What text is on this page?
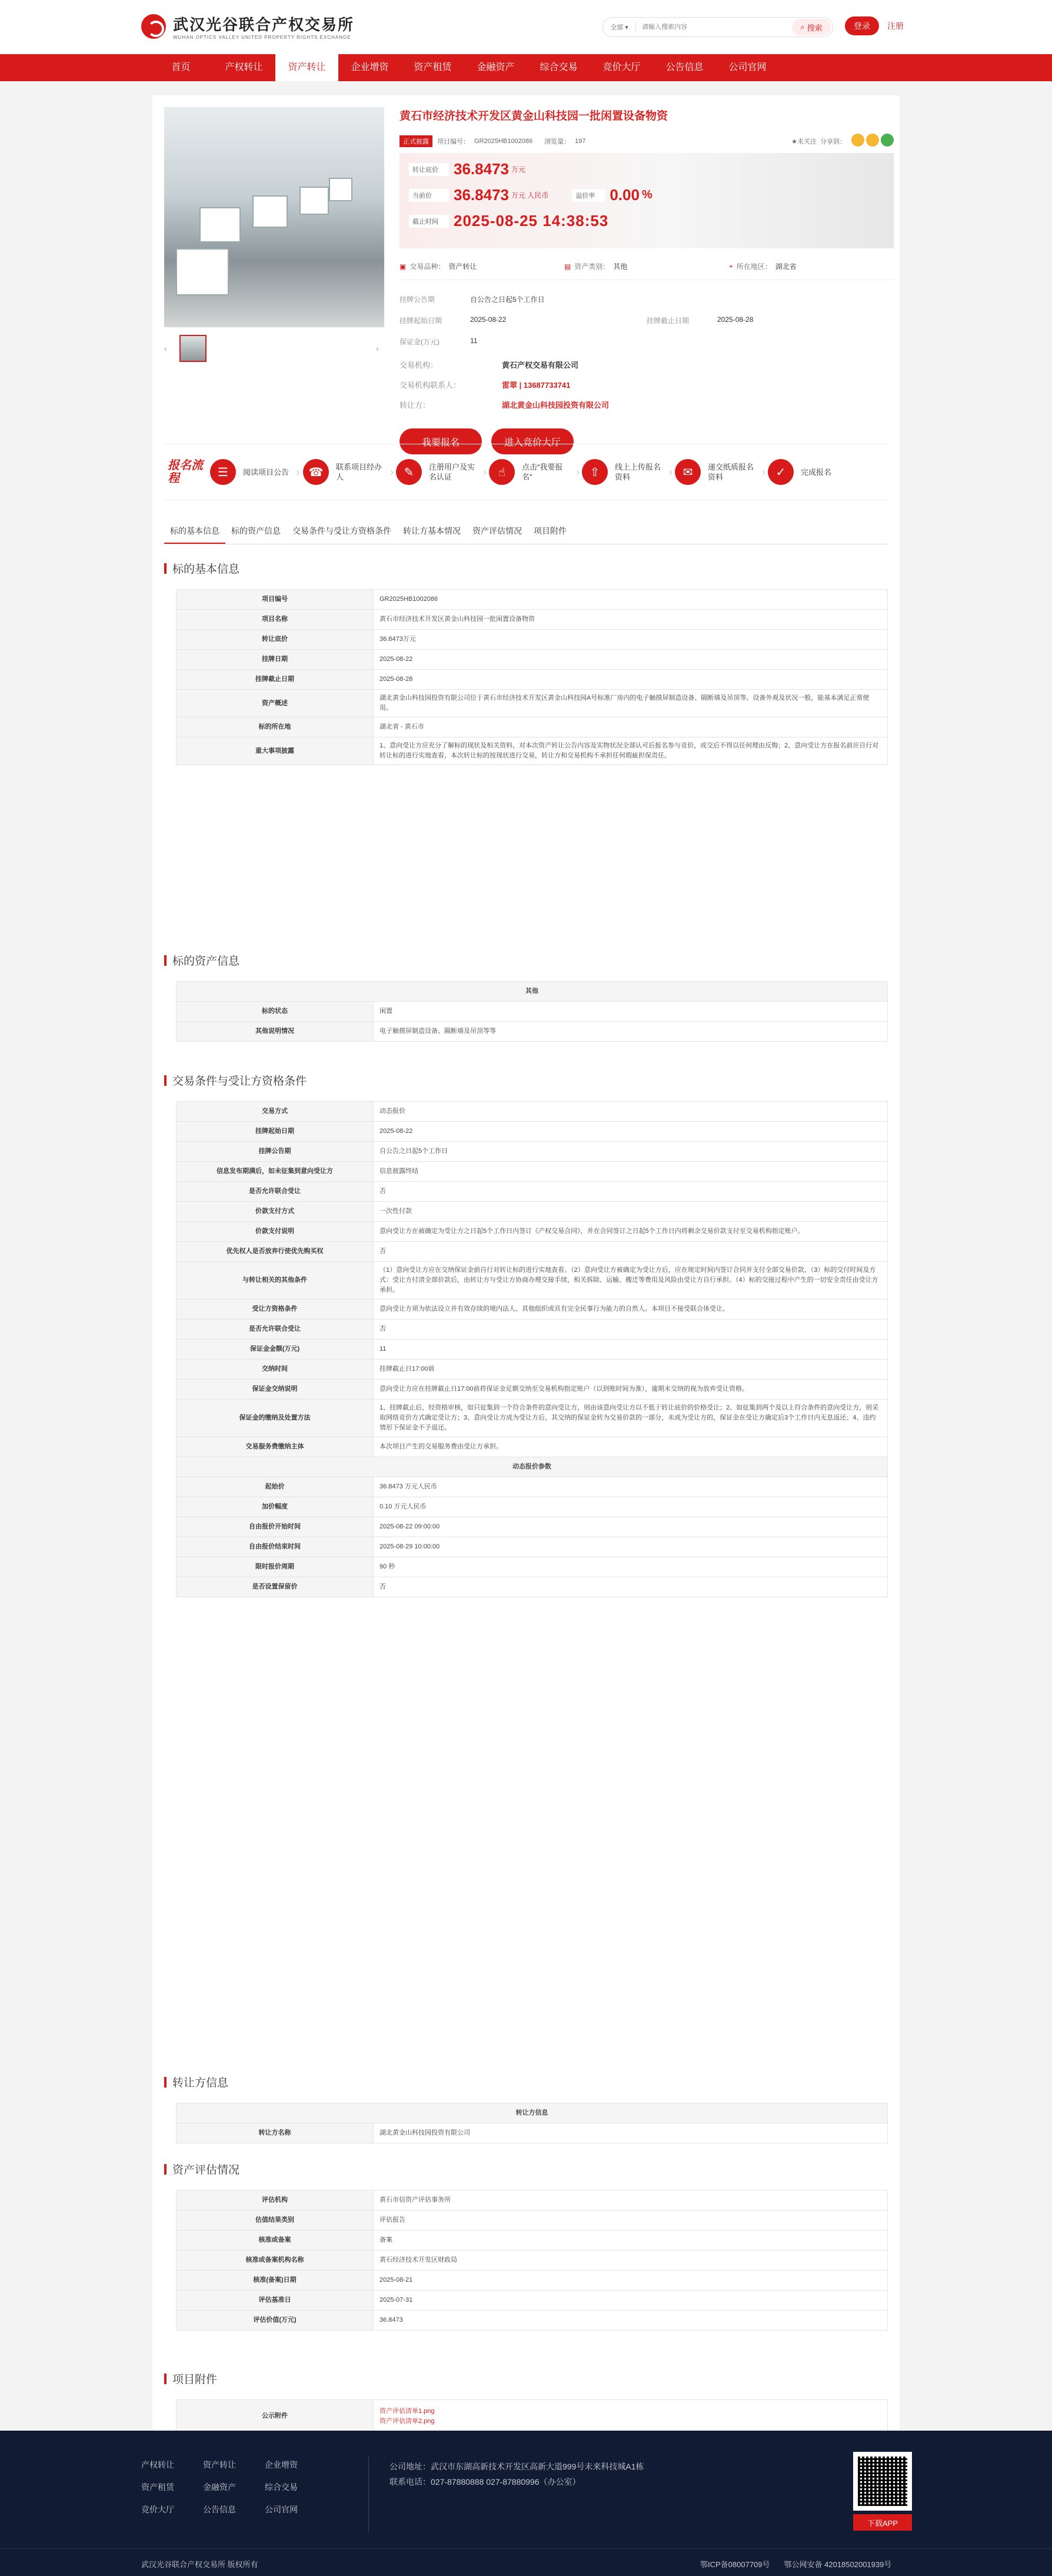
武汉光谷联合产权交易所
WUHAN OPTICS VALLEY UNITED PROPERTY RIGHTS EXCHANGE
全部 ▾
请输入搜索内容	⌕ 搜索	登录	注册
首页	产权转让	资产转让	企业增资	资产租赁	金融资产	综合交易	竞价大厅	公告信息	公司官网
‹	›
黄石市经济技术开发区黄金山科技园一批闲置设备物资
正式披露	项目编号： GR2025HB1002086 浏览量： 197	★未关注 分享到：
转让底价	36.8473 万元
当前价	36.8473 万元 人民币	溢价率 0.00 %
截止时间	2025-08-25 14:38:53
▣ 交易品种： 资产转让	▤ 资产类别： 其他	⌖ 所在地区： 湖北省
挂牌公告期	自公告之日起5个工作日
挂牌起始日期	2025-08-22	挂牌截止日期	2025-08-28
保证金(万元)	11
交易机构：	黄石产权交易有限公司
交易机构联系人：	雷翠 | 13687733741
转让方：	湖北黄金山科技园投资有限公司
我要报名	进入竞价大厅
报名流程	☰	阅读项目公告 › ☎	联系项目经办人	› ✎	注册用户及实名认证	› ☝	点击“我要报名”	› ⇧	线上上传报名资料	› ✉	递交纸质报名资料	› ✓	完成报名
标的基本信息	标的资产信息	交易条件与受让方资格条件	转让方基本情况	资产评估情况	项目附件
标的基本信息
项目编号	GR2025HB1002086
项目名称	黄石市经济技术开发区黄金山科技园一批闲置设备物资
转让底价	36.8473万元
挂牌日期	2025-08-22
挂牌截止日期	2025-08-28
资产概述	湖北黄金山科技园投资有限公司位于黄石市经济技术开发区黄金山科技园A号标准厂房内的电子触摸屏制造设备、隔断墙及吊顶等。设备外观及状况一般，能基本满足正常使用。
标的所在地	湖北省 - 黄石市
重大事项披露	1、意向受让方应充分了解标的现状及相关资料，对本次资产转让公告内容及实物状况全部认可后报名参与竞价，成交后不得以任何理由反悔；2、意向受让方在报名前应自行对转让标的进行实地查看，本次转让标的按现状进行交易，转让方和交易机构不承担任何瑕疵担保责任。
标的资产信息
其他	
标的状态	闲置
其他说明情况	电子触摸屏制造设备、隔断墙及吊顶等等
交易条件与受让方资格条件
交易方式	动态报价
挂牌起始日期	2025-08-22
挂牌公告期	自公告之日起5个工作日
信息发布期满后，如未征集到意向受让方	信息披露终结
是否允许联合受让	否
价款支付方式	一次性付款
价款支付说明	意向受让方在被确定为受让方之日起5个工作日内签订《产权交易合同》，并在合同签订之日起5个工作日内将剩余交易价款支付至交易机构指定账户。
优先权人是否放弃行使优先购买权	否
与转让相关的其他条件	（1）意向受让方应在交纳保证金前自行对转让标的进行实地查看。（2）意向受让方被确定为受让方后，应在规定时间内签订合同并支付全部交易价款。（3）标的交付时间及方式：受让方付清全部价款后，由转让方与受让方协商办理交接手续，相关拆除、运输、搬迁等费用及风险由受让方自行承担。（4）标的交接过程中产生的一切安全责任由受让方承担。
受让方资格条件	意向受让方须为依法设立并有效存续的境内法人、其他组织或具有完全民事行为能力的自然人。本项目不接受联合体受让。
是否允许联合受让	否
保证金金额(万元)	11
交纳时间	挂牌截止日17:00前
保证金交纳说明	意向受让方应在挂牌截止日17:00前将保证金足额交纳至交易机构指定账户（以到账时间为准），逾期未交纳的视为放弃受让资格。
保证金的缴纳及处置方法	1、挂牌截止后，经资格审核，如只征集到一个符合条件的意向受让方，则由该意向受让方以不低于转让底价的价格受让；2、如征集到两个及以上符合条件的意向受让方，则采取网络竞价方式确定受让方；3、意向受让方成为受让方后，其交纳的保证金转为交易价款的一部分，未成为受让方的，保证金在受让方确定后3个工作日内无息返还；4、违约情形下保证金不予退还。
交易服务费缴纳主体	本次项目产生的交易服务费由受让方承担。
动态报价参数	
起始价	36.8473 万元人民币
加价幅度	0.10 万元人民币
自由报价开始时间	2025-08-22 09:00:00
自由报价结束时间	2025-08-29 10:00:00
限时报价周期	90 秒
是否设置保留价	否
转让方信息
转让方信息
转让方名称	湖北黄金山科技园投资有限公司
资产评估情况
评估机构	黄石市信资产评估事务所
估值结果类别	评估报告
核准或备案	备案
核准或备案机构名称	黄石经济技术开发区财政局
核准(备案)日期	2025-08-21
评估基准日	2025-07-31
评估价值(万元)	36.8473
项目附件
公示附件	
资产评估清单1.png
资产评估清单2.png
产权转让	资产转让	企业增资
资产租赁	金融资产	综合交易
竞价大厅	公告信息	公司官网
公司地址：武汉市东湖高新技术开发区高新大道999号未来科技城A1栋
联系电话：027-87880888 027-87880996（办公室）
下载APP
武汉光谷联合产权交易所 版权所有	鄂ICP备08007709号 鄂公网安备 42018502001939号
